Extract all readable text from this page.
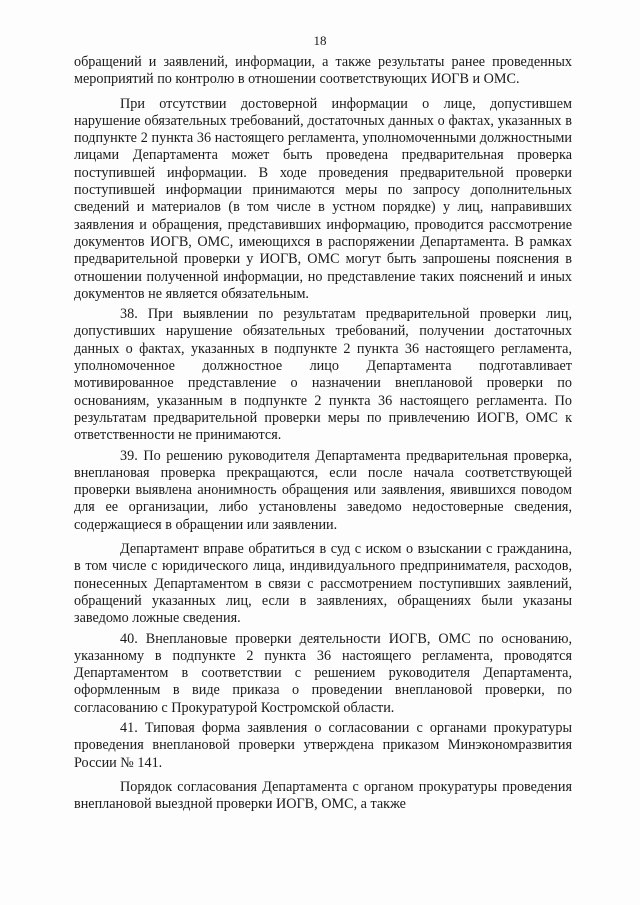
18

обращений и заявлений, информации, а также результаты ранее проведенных мероприятий по контролю в отношении соответствующих ИОГВ и ОМС.

При отсутствии достоверной информации о лице, допустившем нарушение обязательных требований, достаточных данных о фактах, указанных в подпункте 2 пункта 36 настоящего регламента, уполномоченными должностными лицами Департамента может быть проведена предварительная проверка поступившей информации. В ходе проведения предварительной проверки поступившей информации принимаются меры по запросу дополнительных сведений и материалов (в том числе в устном порядке) у лиц, направивших заявления и обращения, представивших информацию, проводится рассмотрение документов ИОГВ, ОМС, имеющихся в распоряжении Департамента. В рамках предварительной проверки у ИОГВ, ОМС могут быть запрошены пояснения в отношении полученной информации, но представление таких пояснений и иных документов не является обязательным.

38. При выявлении по результатам предварительной проверки лиц, допустивших нарушение обязательных требований, получении достаточных данных о фактах, указанных в подпункте 2 пункта 36 настоящего регламента, уполномоченное должностное лицо Департамента подготавливает мотивированное представление о назначении внеплановой проверки по основаниям, указанным в подпункте 2 пункта 36 настоящего регламента. По результатам предварительной проверки меры по привлечению ИОГВ, ОМС к ответственности не принимаются.

39. По решению руководителя Департамента предварительная проверка, внеплановая проверка прекращаются, если после начала соответствующей проверки выявлена анонимность обращения или заявления, явившихся поводом для ее организации, либо установлены заведомо недостоверные сведения, содержащиеся в обращении или заявлении.

Департамент вправе обратиться в суд с иском о взыскании с гражданина, в том числе с юридического лица, индивидуального предпринимателя, расходов, понесенных Департаментом в связи с рассмотрением поступивших заявлений, обращений указанных лиц, если в заявлениях, обращениях были указаны заведомо ложные сведения.

40. Внеплановые проверки деятельности ИОГВ, ОМС по основанию, указанному в подпункте 2 пункта 36 настоящего регламента, проводятся Департаментом в соответствии с решением руководителя Департамента, оформленным в виде приказа о проведении внеплановой проверки, по согласованию с Прокуратурой Костромской области.

41. Типовая форма заявления о согласовании с органами прокуратуры проведения внеплановой проверки утверждена приказом Минэкономразвития России № 141.

Порядок согласования Департамента с органом прокуратуры проведения внеплановой выездной проверки ИОГВ, ОМС, а также
